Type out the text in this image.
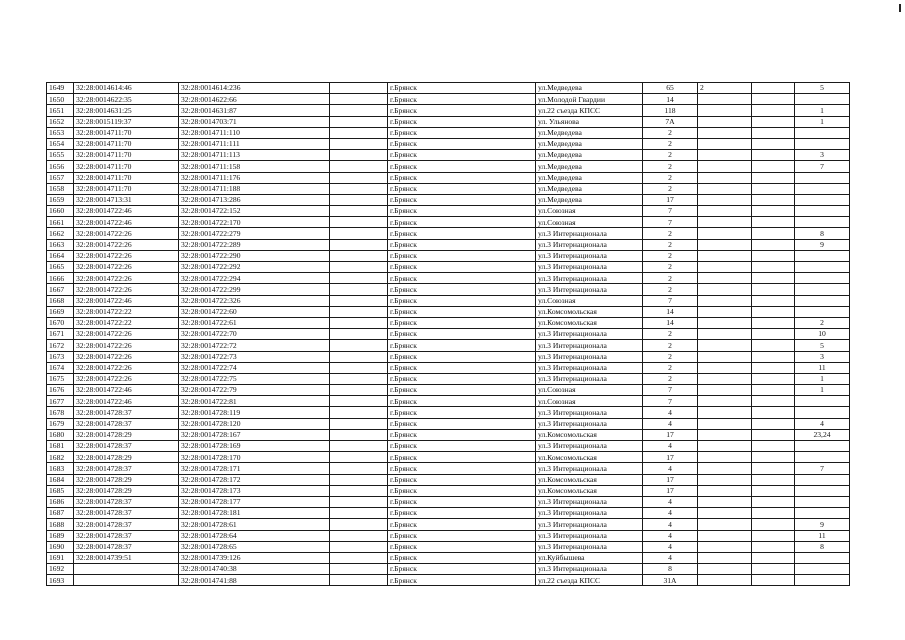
1649	32:28:0014614:46	32:28:0014614:236		г.Брянск	ул.Медведева	65	2		5
1650	32:28:0014622:35	32:28:0014622:66		г.Брянск	ул.Молодой Гвардии	14			
1651	32:28:0014631:25	32:28:0014631:87		г.Брянск	ул.22 съезда КПСС	118			1
1652	32:28:0015119:37	32:28:0014703:71		г.Брянск	ул. Ульянова	7А			1
1653	32:28:0014711:70	32:28:0014711:110		г.Брянск	ул.Медведева	2			
1654	32:28:0014711:70	32:28:0014711:111		г.Брянск	ул.Медведева	2			
1655	32:28:0014711:70	32:28:0014711:113		г.Брянск	ул.Медведева	2			3
1656	32:28:0014711:70	32:28:0014711:158		г.Брянск	ул.Медведева	2			7
1657	32:28:0014711:70	32:28:0014711:176		г.Брянск	ул.Медведева	2			
1658	32:28:0014711:70	32:28:0014711:188		г.Брянск	ул.Медведева	2			
1659	32:28:0014713:31	32:28:0014713:286		г.Брянск	ул.Медведева	17			
1660	32:28:0014722:46	32:28:0014722:152		г.Брянск	ул.Союзная	7			
1661	32:28:0014722:46	32:28:0014722:170		г.Брянск	ул.Союзная	7			
1662	32:28:0014722:26	32:28:0014722:279		г.Брянск	ул.3 Интернационала	2			8
1663	32:28:0014722:26	32:28:0014722:289		г.Брянск	ул.3 Интернационала	2			9
1664	32:28:0014722:26	32:28:0014722:290		г.Брянск	ул.3 Интернационала	2			
1665	32:28:0014722:26	32:28:0014722:292		г.Брянск	ул.3 Интернационала	2			
1666	32:28:0014722:26	32:28:0014722:294		г.Брянск	ул.3 Интернационала	2			
1667	32:28:0014722:26	32:28:0014722:299		г.Брянск	ул.3 Интернационала	2			
1668	32:28:0014722:46	32:28:0014722:326		г.Брянск	ул.Союзная	7			
1669	32:28:0014722:22	32:28:0014722:60		г.Брянск	ул.Комсомольская	14			
1670	32:28:0014722:22	32:28:0014722:61		г.Брянск	ул.Комсомольская	14			2
1671	32:28:0014722:26	32:28:0014722:70		г.Брянск	ул.3 Интернационала	2			10
1672	32:28:0014722:26	32:28:0014722:72		г.Брянск	ул.3 Интернационала	2			5
1673	32:28:0014722:26	32:28:0014722:73		г.Брянск	ул.3 Интернационала	2			3
1674	32:28:0014722:26	32:28:0014722:74		г.Брянск	ул.3 Интернационала	2			11
1675	32:28:0014722:26	32:28:0014722:75		г.Брянск	ул.3 Интернационала	2			1
1676	32:28:0014722:46	32:28:0014722:79		г.Брянск	ул.Союзная	7			1
1677	32:28:0014722:46	32:28:0014722:81		г.Брянск	ул.Союзная	7			
1678	32:28:0014728:37	32:28:0014728:119		г.Брянск	ул.3 Интернационала	4			
1679	32:28:0014728:37	32:28:0014728:120		г.Брянск	ул.3 Интернационала	4			4
1680	32:28:0014728:29	32:28:0014728:167		г.Брянск	ул.Комсомольская	17			23,24
1681	32:28:0014728:37	32:28:0014728:169		г.Брянск	ул.3 Интернационала	4			
1682	32:28:0014728:29	32:28:0014728:170		г.Брянск	ул.Комсомольская	17			
1683	32:28:0014728:37	32:28:0014728:171		г.Брянск	ул.3 Интернационала	4			7
1684	32:28:0014728:29	32:28:0014728:172		г.Брянск	ул.Комсомольская	17			
1685	32:28:0014728:29	32:28:0014728:173		г.Брянск	ул.Комсомольская	17			
1686	32:28:0014728:37	32:28:0014728:177		г.Брянск	ул.3 Интернационала	4			
1687	32:28:0014728:37	32:28:0014728:181		г.Брянск	ул.3 Интернационала	4			
1688	32:28:0014728:37	32:28:0014728:61		г.Брянск	ул.3 Интернационала	4			9
1689	32:28:0014728:37	32:28:0014728:64		г.Брянск	ул.3 Интернационала	4			11
1690	32:28:0014728:37	32:28:0014728:65		г.Брянск	ул.3 Интернационала	4			8
1691	32:28:0014739:51	32:28:0014739:126		г.Брянск	ул.Куйбышева	4			
1692		32:28:0014740:38		г.Брянск	ул.3 Интернационала	8			
1693		32:28:0014741:88		г.Брянск	ул.22 съезда КПСС	31А			
